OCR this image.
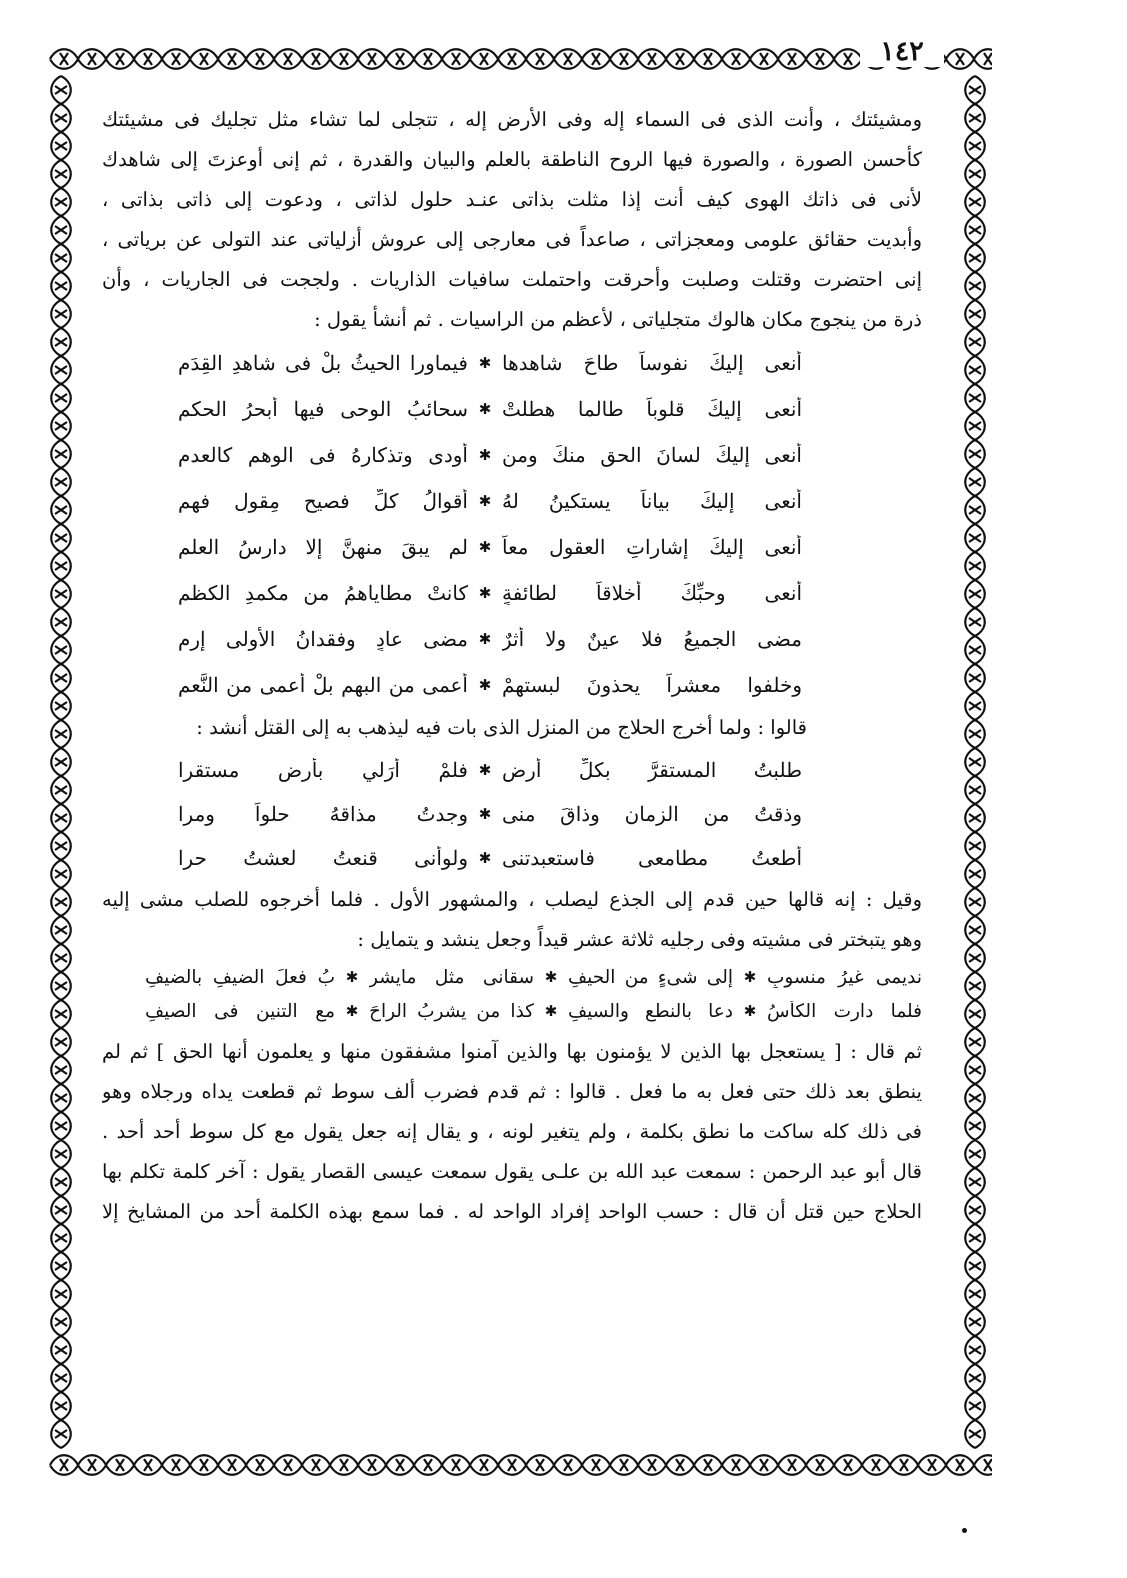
١٤٢
ومشيئتك ، وأنت الذى فى السماء إله وفى الأرض إله ، تتجلى لما تشاء مثل تجليك فى مشيئتك
كأحسن الصورة ، والصورة فيها الروح الناطقة بالعلم والبيان والقدرة ، ثم إنى أوعزتَ إلى شاهدك
لأنى فى ذاتك الهوى كيف أنت إذا مثلت بذاتى عنـد حلول لذاتى ، ودعوت إلى ذاتى بذاتى ،
وأبديت حقائق علومى ومعجزاتى ، صاعداً فى معارجى إلى عروش أزلياتى عند التولى عن برياتى ،
إنى احتضرت وقتلت وصلبت وأحرقت واحتملت سافيات الذاريات . ولججت فى الجاريات ، وأن
ذرة من ينجوج مكان هالوك متجلياتى ، لأعظم من الراسيات . ثم أنشأ يقول :
أنعى إليكَ نفوساً طاحَ شاهدها
✱
فيماورا الحيثُ بلْ فى شاهدِ القِدَمِ
أنعى إليكَ قلوباً طالما هطلتْ
✱
سحائبُ الوحى فيها أبحرُ الحكمِ
أنعى إليكَ لسانَ الحق منكَ ومن
✱
أودى وتذكارهُ فى الوهمِ كالعدمِ
أنعى إليكَ بياناً يستكينُ لهُ
✱
أقوالُ كلِّ فصيحٍ مِقولٍ فهمِ
أنعى إليكَ إشاراتِ العقولِ معاً
✱
لم يبقَ منهنَّ إلا دارسُ العلمِ
أنعى وحبِّكَ أخلاقاً لطائفةٍ
✱
كانتْ مطاياهمُ من مكمدِ الكظمِ
مضى الجميعُ فلا عينٌ ولا أثرٌ
✱
مضى عادٍ وفقدانُ الأولى إرمِ
وخلفوا معشراً يحذونَ لبستهمْ
✱
أعمى من البهمِ بلْ أعمى من النَّعمِ
قالوا : ولما أخرج الحلاج من المنزل الذى بات فيه ليذهب به إلى القتل أنشد :
طلبتُ المستقرَّ بكلِّ أرضٍ
✱
فلمْ أرَلي بأرضٍ مستقرا
وذقتُ من الزمانِ وذاقَ منى
✱
وجدتُ مذاقهُ حلواً ومرا
أطعتُ مطامعى فاستعبدتنى
✱
ولوأنى قنعتُ لعشتُ حرا
وقيل : إنه قالها حين قدم إلى الجذع ليصلب ، والمشهور الأول . فلما أخرجوه للصلب مشى إليه
وهو يتبختر فى مشيته وفى رجليه ثلاثة عشر قيداً وجعل ينشد و يتمايل :
نديمى غيرُ منسوبٍ
✱
إلى شىءٍ من الحيفِ
✱
سقانى مثل مايشر
✱
بُ فعلَ الضيفِ بالضيفِ
فلما دارت الكأسُ
✱
دعا بالنطعِ والسيفِ
✱
كذا من يشربُ الراحَ
✱
مع التنينِ فى الصيفِ
ثم قال : [ يستعجل بها الذين لا يؤمنون بها والذين آمنوا مشفقون منها و يعلمون أنها الحق ] ثم لم
ينطق بعد ذلك حتى فعل به ما فعل . قالوا : ثم قدم فضرب ألف سوط ثم قطعت يداه ورجلاه وهو
فى ذلك كله ساكت ما نطق بكلمة ، ولم يتغير لونه ، و يقال إنه جعل يقول مع كل سوط أحد أحد .
قال أبو عبد الرحمن : سمعت عبد الله بن علـى يقول سمعت عيسى القصار يقول : آخر كلمة تكلم بها
الحلاج حين قتل أن قال : حسب الواحد إفراد الواحد له . فما سمع بهذه الكلمة أحد من المشايخ إلا
